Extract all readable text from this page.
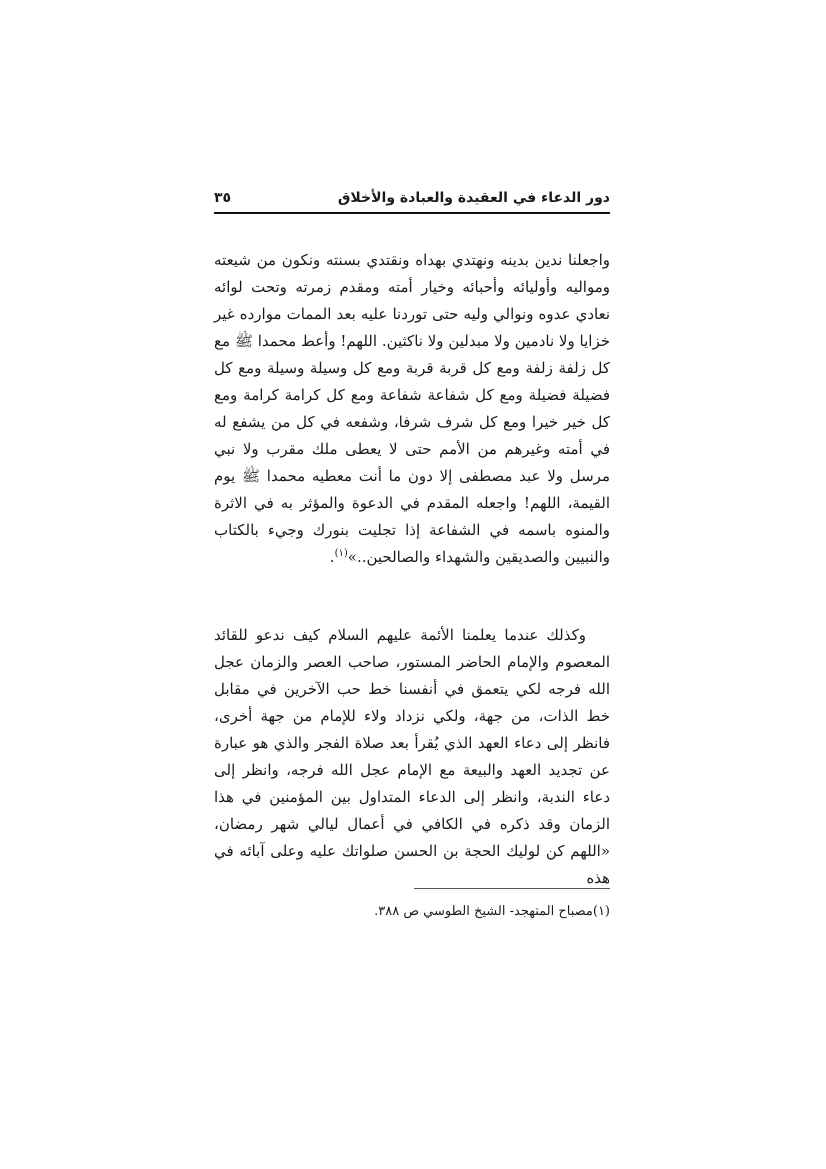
دور الدعاء في العقيدة والعبادة والأخلاق
٣٥

واجعلنا ندين بدينه ونهتدي بهداه ونقتدي بسنته ونكون من شيعته ومواليه وأوليائه وأحبائه وخيار أمته ومقدم زمرته وتحت لوائه نعادي عدوه ونوالي وليه حتى توردنا عليه بعد الممات موارده غير خزايا ولا نادمين ولا مبدلين ولا ناكثين. اللهم! وأعط محمدا ﷺ مع كل زلفة زلفة ومع كل قربة قربة ومع كل وسيلة وسيلة ومع كل فضيلة فضيلة ومع كل شفاعة شفاعة ومع كل كرامة كرامة ومع كل خير خيرا ومع كل شرف شرفا، وشفعه في كل من يشفع له في أمته وغيرهم من الأمم حتى لا يعطى ملك مقرب ولا نبي مرسل ولا عبد مصطفى إلا دون ما أنت معطيه محمدا ﷺ يوم القيمة، اللهم! واجعله المقدم في الدعوة والمؤثر به في الاثرة والمنوه باسمه في الشفاعة إذا تجليت بنورك وجيء بالكتاب والنبيين والصديقين والشهداء والصالحين..»$^{(١)}$.

وكذلك عندما يعلمنا الأئمة عليهم السلام كيف ندعو للقائد المعصوم والإمام الحاضر المستور، صاحب العصر والزمان عجل الله فرجه لكي يتعمق في أنفسنا خط حب الآخرين في مقابل خط الذات، من جهة، ولكي نزداد ولاء للإمام من جهة أخرى، فانظر إلى دعاء العهد الذي يُقرأ بعد صلاة الفجر والذي هو عبارة عن تجديد العهد والبيعة مع الإمام عجل الله فرجه، وانظر إلى دعاء الندبة، وانظر إلى الدعاء المتداول بين المؤمنين في هذا الزمان وقد ذكره في الكافي في أعمال ليالي شهر رمضان، «اللهم كن لوليك الحجة بن الحسن صلواتك عليه وعلى آبائه في هذه

(١)مصباح المتهجد- الشيخ الطوسي ص ٣٨٨.
